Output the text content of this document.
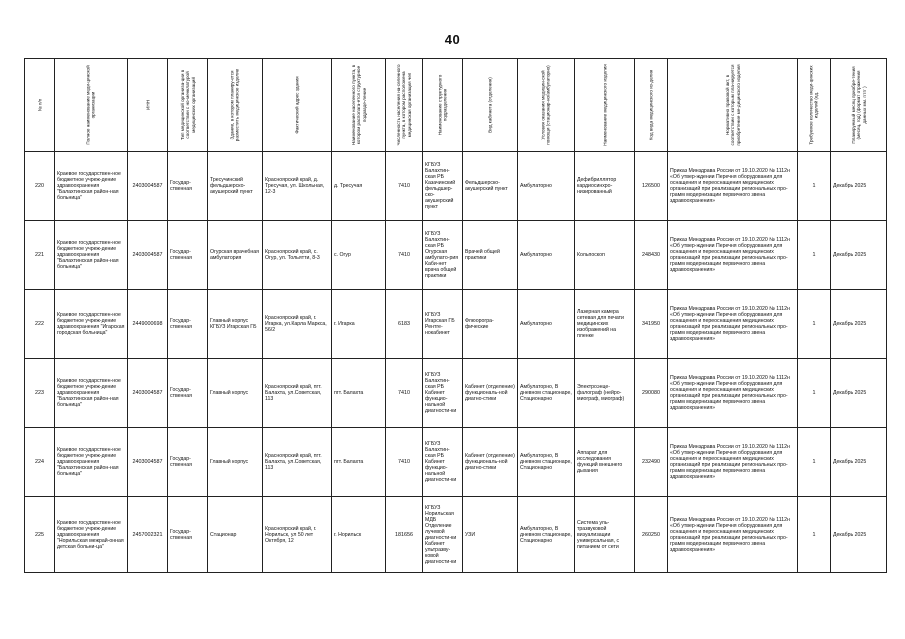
40
№ п/п	Полное наименование меди-цинской организации	ИНН	Тип медицинской организа-ции в соответствии с но-менклатурой медицинских организаций	Здание, в котором планиру-ется разместить медицинское изделие	Фактический адрес здания	Наименование населенного пункта, в котором располага-ется структурное подразде-ление	Численность населения на-селенного пункта, в котором расположена медицинская организация чел	Наименование структурного подразделения	Вид кабинета (отделения)	Условия оказания медицин-ской помощи (стационар-но/амбулаторно)	Наименование медицинского изделия	Код вида медицинского из-делия	Нормативно правовой акт, в соответствии с которым пла-нируется приобретение ме-дицинского изделия	Требуемое количество меди-цинских изделий (ед.	Планируемый месяц приобре-тения (месяц, год) (формат отражения данных мм. ггггг )

220	Краевое государствен-ное бюджетное учреж-дение здравоохранения "Балахтинская район-ная больница"	2403004587	Государ-ственная	Тресучинский фельдшерско-акушерский пункт	Красноярский край, д. Тресучая, ул. Школьная, 12-3	д. Тресучая	7410	КГБУЗ Балахтин-ская РБ Казачинский фельдшер-ско-акушерский пункт	Фельдшерско-акушерский пункт	Амбулаторно	Дефибриллятор кардиосинхро-низированный	126500	Приказ Минздрава России от 19.10.2020 № 1112н «Об утвер-ждении Перечня оборудования для оснащения и переоснащения медицинских организаций при реализации региональных про-грамм модернизации первичного звена здравоохранения»	1	Декабрь 2025
221	Краевое государствен-ное бюджетное учреж-дение здравоохранения "Балахтинская район-ная больница"	2403004587	Государ-ственная	Огурская врачебная амбулатория	Красноярский край, с. Огур, ул. Тольятти, 8-3	с. Огур	7410	КГБУЗ Балахтин-ская РБ Огурская амбулато-рия Каби-нет врача общей практики	Врачей общей практики	Амбулаторно	Кольпоскоп	248430	Приказ Минздрава России от 19.10.2020 № 1112н «Об утвер-ждении Перечня оборудования для оснащения и переоснащения медицинских организаций при реализации региональных про-грамм модернизации первичного звена здравоохранения»	1	Декабрь 2025
222	Краевое государствен-ное бюджетное учреж-дение здравоохранения "Игарская городская больница"	2449000698	Государ-ственная	Главный корпус КГБУЗ Игарская ГБ	Красноярский край, г. Игарка, ул.Карла Маркса, 56/2	г. Игарка	6183	КГБУЗ Игарская ГБ Рентге-нокабинет	Флюорогра-фические	Амбулаторно	Лазерная камера сетевая для печати медицинских изображений на пленке	341950	Приказ Минздрава России от 19.10.2020 № 1112н «Об утвер-ждении Перечня оборудования для оснащения и переоснащения медицинских организаций при реализации региональных про-грамм модернизации первичного звена здравоохранения»	1	Декабрь 2025
223	Краевое государствен-ное бюджетное учреж-дение здравоохранения "Балахтинская район-ная больница"	2403004587	Государ-ственная	Главный корпус	Красноярский край, пгт. Балахта, ул.Советская, 113	пгт. Балахта	7410	КГБУЗ Балахтин-ская РБ Кабинет функцио-нальной диагности-ки	Кабинет (отделение) функциональ-ной диагно-стики	Амбулаторно, В дневном стационаре, Стационарно	Электроэнце-фалограф (нейро-миограф, миограф)	290080	Приказ Минздрава России от 19.10.2020 № 1112н «Об утвер-ждении Перечня оборудования для оснащения и переоснащения медицинских организаций при реализации региональных про-грамм модернизации первичного звена здравоохранения»	1	Декабрь 2025
224	Краевое государствен-ное бюджетное учреж-дение здравоохранения "Балахтинская район-ная больница"	2403004587	Государ-ственная	Главный корпус	Красноярский край, пгт. Балахта, ул.Советская, 113	пгт. Балахта	7410	КГБУЗ Балахтин-ская РБ Кабинет функцио-нальной диагности-ки	Кабинет (отделение) функциональ-ной диагно-стики	Амбулаторно, В дневном стационаре, Стационарно	Аппарат для исследования функций внешнего дыхания	232490	Приказ Минздрава России от 19.10.2020 № 1112н «Об утвер-ждении Перечня оборудования для оснащения и переоснащения медицинских организаций при реализации региональных про-грамм модернизации первичного звена здравоохранения»	1	Декабрь 2025
225	Краевое государствен-ное бюджетное учреж-дение здравоохранения "Норильская межрай-онная детская больни-ца"	2457002321	Государ-ственная	Стационар	Красноярский край, г. Норильск, ул 50 лет Октября, 12	г. Норильск	181656	КГБУЗ Норильская МДБ Отделение лучевой диагности-ки Кабинет ультразву-ковой диагности-ки	УЗИ	Амбулаторно, В дневном стационаре, Стационарно	Система уль-тразвуковой визуализации универсальная, с питанием от сети	260250	Приказ Минздрава России от 19.10.2020 № 1112н «Об утвер-ждении Перечня оборудования для оснащения и переоснащения медицинских организаций при реализации региональных про-грамм модернизации первичного звена здравоохранения»	1	Декабрь 2025
